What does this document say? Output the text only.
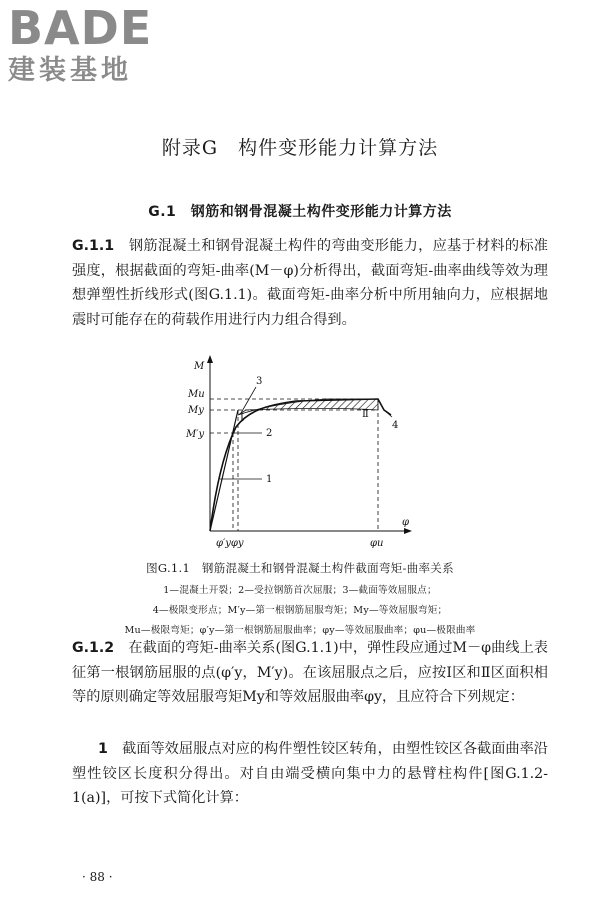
BADE
建装基地
附录G　构件变形能力计算方法
G.1　钢筋和钢骨混凝土构件变形能力计算方法
G.1.1　钢筋混凝土和钢骨混凝土构件的弯曲变形能力，应基于材料的标准强度，根据截面的弯矩-曲率(M－φ)分析得出，截面弯矩-曲率曲线等效为理想弹塑性折线形式(图G.1.1)。截面弯矩-曲率分析中所用轴向力，应根据地震时可能存在的荷载作用进行内力组合得到。
M
φ
Mu
My
M′y
φ′yφy	φu
1
2
3
4
Ⅰ	Ⅱ
图G.1.1　钢筋混凝土和钢骨混凝土构件截面弯矩-曲率关系
1—混凝土开裂；2—受拉钢筋首次屈服；3—截面等效屈服点；
4—极限变形点；M′y—第一根钢筋屈服弯矩；My—等效屈服弯矩；
Mu—极限弯矩；φ′y—第一根钢筋屈服曲率；φy—等效屈服曲率；φu—极限曲率
G.1.2　在截面的弯矩-曲率关系(图G.1.1)中，弹性段应通过M－φ曲线上表征第一根钢筋屈服的点(φ′y，M′y)。在该屈服点之后，应按Ⅰ区和Ⅱ区面积相等的原则确定等效屈服弯矩My和等效屈服曲率φy，且应符合下列规定：
1　截面等效屈服点对应的构件塑性铰区转角，由塑性铰区各截面曲率沿塑性铰区长度积分得出。对自由端受横向集中力的悬臂柱构件[图G.1.2-1(a)]，可按下式简化计算：
· 88 ·
